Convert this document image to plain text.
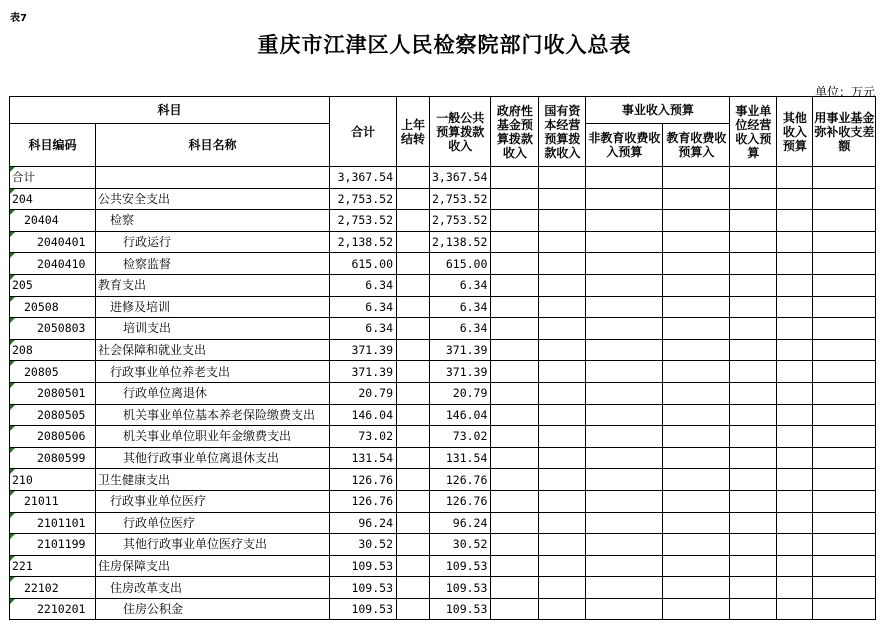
表7
重庆市江津区人民检察院部门收入总表
单位：万元
科目		合计	上年结转	一般公共预算拨款收入	政府性基金预算拨款收入	国有资本经营预算拨款收入	事业收入预算		事业单位经营收入预算	其他收入预算	用事业基金弥补收支差额
科目编码	科目名称						非教育收费收入预算	教育收费收预算入			
合计		3,367.54		3,367.54							
204	公共安全支出	2,753.52		2,753.52							
20404	检察	2,753.52		2,753.52							
2040401	行政运行	2,138.52		2,138.52							
2040410	检察监督	615.00		615.00							
205	教育支出	6.34		6.34							
20508	进修及培训	6.34		6.34							
2050803	培训支出	6.34		6.34							
208	社会保障和就业支出	371.39		371.39							
20805	行政事业单位养老支出	371.39		371.39							
2080501	行政单位离退休	20.79		20.79							
2080505	机关事业单位基本养老保险缴费支出	146.04		146.04							
2080506	机关事业单位职业年金缴费支出	73.02		73.02							
2080599	其他行政事业单位离退休支出	131.54		131.54							
210	卫生健康支出	126.76		126.76							
21011	行政事业单位医疗	126.76		126.76							
2101101	行政单位医疗	96.24		96.24							
2101199	其他行政事业单位医疗支出	30.52		30.52							
221	住房保障支出	109.53		109.53							
22102	住房改革支出	109.53		109.53							
2210201	住房公积金	109.53		109.53							
